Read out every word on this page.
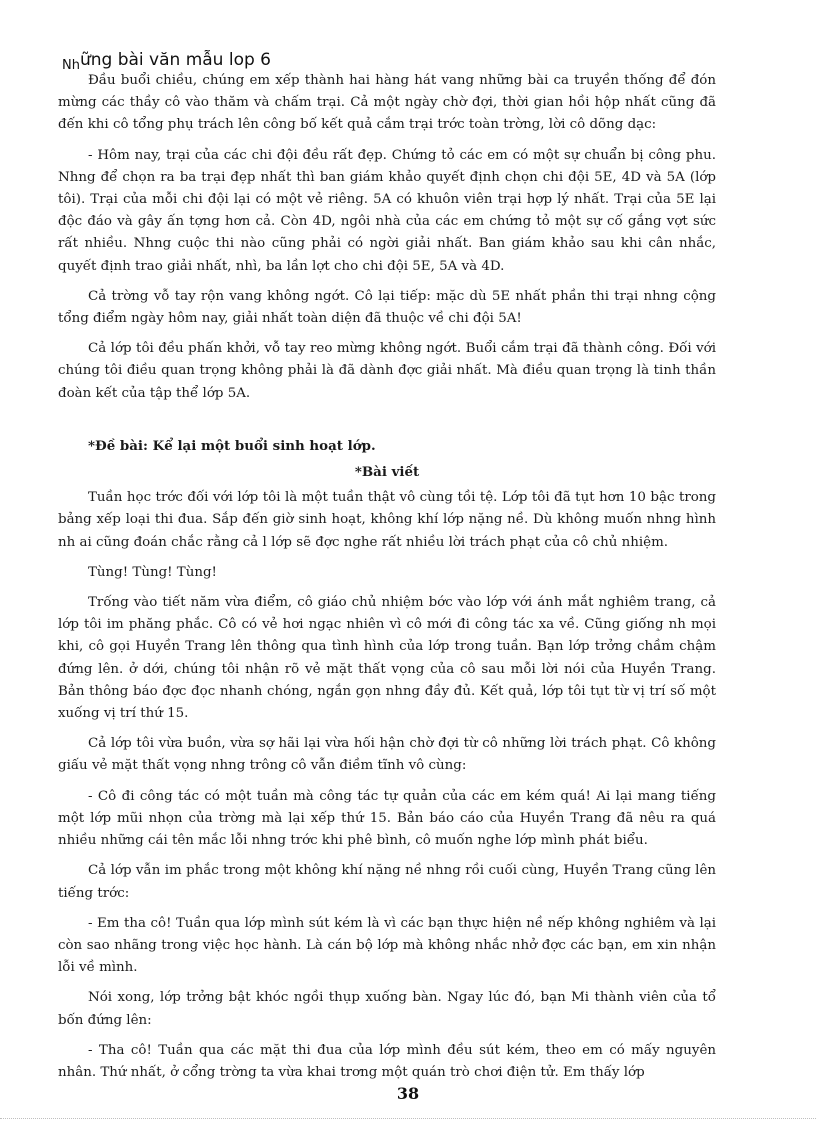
$_{Nh}$ững bài văn mẫu lop 6

Đầu buổi chiều, chúng em xếp thành hai hàng hát vang những bài ca truyền thống để đón mừng các thầy cô vào thăm và chấm trại. Cả một ngày chờ đợi, thời gian hồi hộp nhất cũng đã đến khi cô tổng phụ trách lên công bố kết quả cắm trại trớc toàn trờng, lời cô dõng dạc:

- Hôm nay, trại của các chi đội đều rất đẹp. Chứng tỏ các em có một sự chuẩn bị công phu. Nhng để chọn ra ba trại đẹp nhất thì ban giám khảo quyết định chọn chi đội 5E, 4D và 5A (lớp tôi). Trại của mỗi chi đội lại có một vẻ riêng. 5A có khuôn viên trại hợp lý nhất. Trại của 5E lại độc đáo và gây ấn tợng hơn cả. Còn 4D, ngôi nhà của các em chứng tỏ một sự cố gắng vợt sức rất nhiều. Nhng cuộc thi nào cũng phải có ngời giải nhất. Ban giám khảo sau khi cân nhắc, quyết định trao giải nhất, nhì, ba lần lợt cho chi đội 5E, 5A và 4D.

Cả trờng vỗ tay rộn vang không ngớt. Cô lại tiếp: mặc dù 5E nhất phần thi trại nhng cộng tổng điểm ngày hôm nay, giải nhất toàn diện đã thuộc về chi đội 5A!

Cả lớp tôi đều phấn khởi, vỗ tay reo mừng không ngớt. Buổi cắm trại đã thành công. Đối với chúng tôi điều quan trọng không phải là đã dành đợc giải nhất. Mà điều quan trọng là tinh thần đoàn kết của tập thể lớp 5A.

*Đề bài: Kể lại một buổi sinh hoạt lớp.
*Bài viết

Tuần học trớc đối với lớp tôi là một tuần thật vô cùng tồi tệ. Lớp tôi đã tụt hơn 10 bậc trong bảng xếp loại thi đua. Sắp đến giờ sinh hoạt, không khí lớp nặng nề. Dù không muốn nhng hình nh ai cũng đoán chắc rằng cả l lớp sẽ đợc nghe rất nhiều lời trách phạt của cô chủ nhiệm.

Tùng! Tùng! Tùng!

Trống vào tiết năm vừa điểm, cô giáo chủ nhiệm bớc vào lớp với ánh mắt nghiêm trang, cả lớp tôi im phăng phắc. Cô có vẻ hơi ngạc nhiên vì cô mới đi công tác xa về. Cũng giống nh mọi khi, cô gọi Huyền Trang lên thông qua tình hình của lớp trong tuần. Bạn lớp trởng chầm chậm đứng lên. ở dới, chúng tôi nhận rõ vẻ mặt thất vọng của cô sau mỗi lời nói của Huyền Trang. Bản thông báo đợc đọc nhanh chóng, ngắn gọn nhng đầy đủ. Kết quả, lớp tôi tụt từ vị trí số một xuống vị trí thứ 15.

Cả lớp tôi vừa buồn, vừa sợ hãi lại vừa hối hận chờ đợi từ cô những lời trách phạt. Cô không giấu vẻ mặt thất vọng nhng trông cô vẫn điềm tĩnh vô cùng:

- Cô đi công tác có một tuần mà công tác tự quản của các em kém quá! Ai lại mang tiếng một lớp mũi nhọn của trờng mà lại xếp thứ 15. Bản báo cáo của Huyền Trang đã nêu ra quá nhiều những cái tên mắc lỗi nhng trớc khi phê bình, cô muốn nghe lớp mình phát biểu.

Cả lớp vẫn im phắc trong một không khí nặng nề nhng rồi cuối cùng, Huyền Trang cũng lên tiếng trớc:

- Em tha cô! Tuần qua lớp mình sút kém là vì các bạn thực hiện nề nếp không nghiêm và lại còn sao nhãng trong việc học hành. Là cán bộ lớp mà không nhắc nhở đợc các bạn, em xin nhận lỗi về mình.

Nói xong, lớp trởng bật khóc ngồi thụp xuống bàn. Ngay lúc đó, bạn Mi thành viên của tổ bốn đứng lên:

- Tha cô! Tuần qua các mặt thi đua của lớp mình đều sút kém, theo em có mấy nguyên nhân. Thứ nhất, ở cổng trờng ta vừa khai trơng một quán trò chơi điện tử. Em thấy lớp

38
